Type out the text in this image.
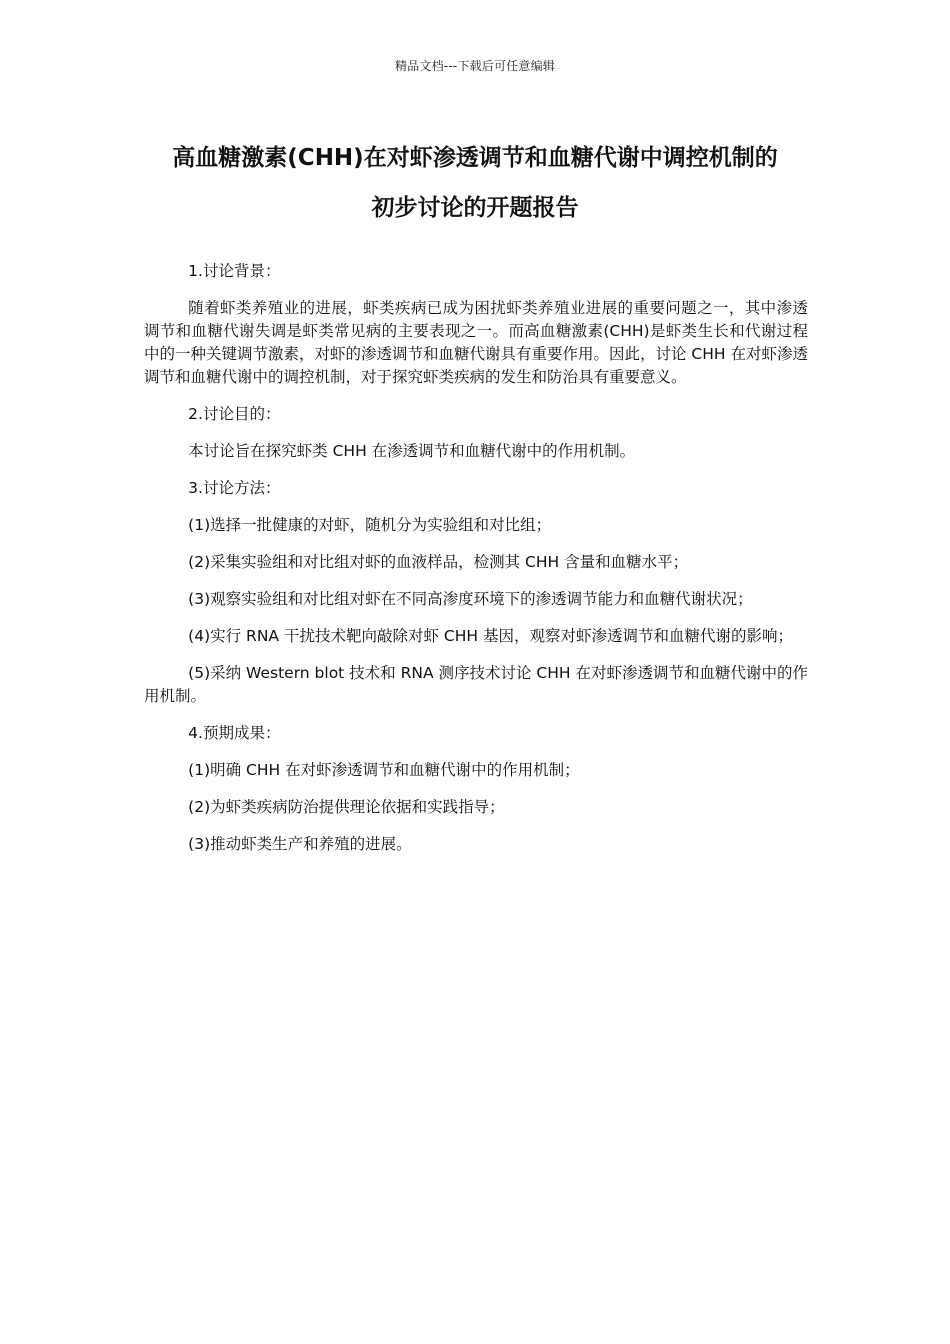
精品文档---下载后可任意编辑
高血糖激素(CHH)在对虾渗透调节和血糖代谢中调控机制的
初步讨论的开题报告

1.讨论背景：

随着虾类养殖业的进展，虾类疾病已成为困扰虾类养殖业进展的重要问题之一，其中渗透调节和血糖代谢失调是虾类常见病的主要表现之一。而高血糖激素(CHH)是虾类生长和代谢过程中的一种关键调节激素，对虾的渗透调节和血糖代谢具有重要作用。因此，讨论 CHH 在对虾渗透调节和血糖代谢中的调控机制，对于探究虾类疾病的发生和防治具有重要意义。

2.讨论目的：

本讨论旨在探究虾类 CHH 在渗透调节和血糖代谢中的作用机制。

3.讨论方法：

(1)选择一批健康的对虾，随机分为实验组和对比组；

(2)采集实验组和对比组对虾的血液样品，检测其 CHH 含量和血糖水平；

(3)观察实验组和对比组对虾在不同高渗度环境下的渗透调节能力和血糖代谢状况；

(4)实行 RNA 干扰技术靶向敲除对虾 CHH 基因，观察对虾渗透调节和血糖代谢的影响；

(5)采纳 Western blot 技术和 RNA 测序技术讨论 CHH 在对虾渗透调节和血糖代谢中的作用机制。

4.预期成果：

(1)明确 CHH 在对虾渗透调节和血糖代谢中的作用机制；

(2)为虾类疾病防治提供理论依据和实践指导；

(3)推动虾类生产和养殖的进展。
